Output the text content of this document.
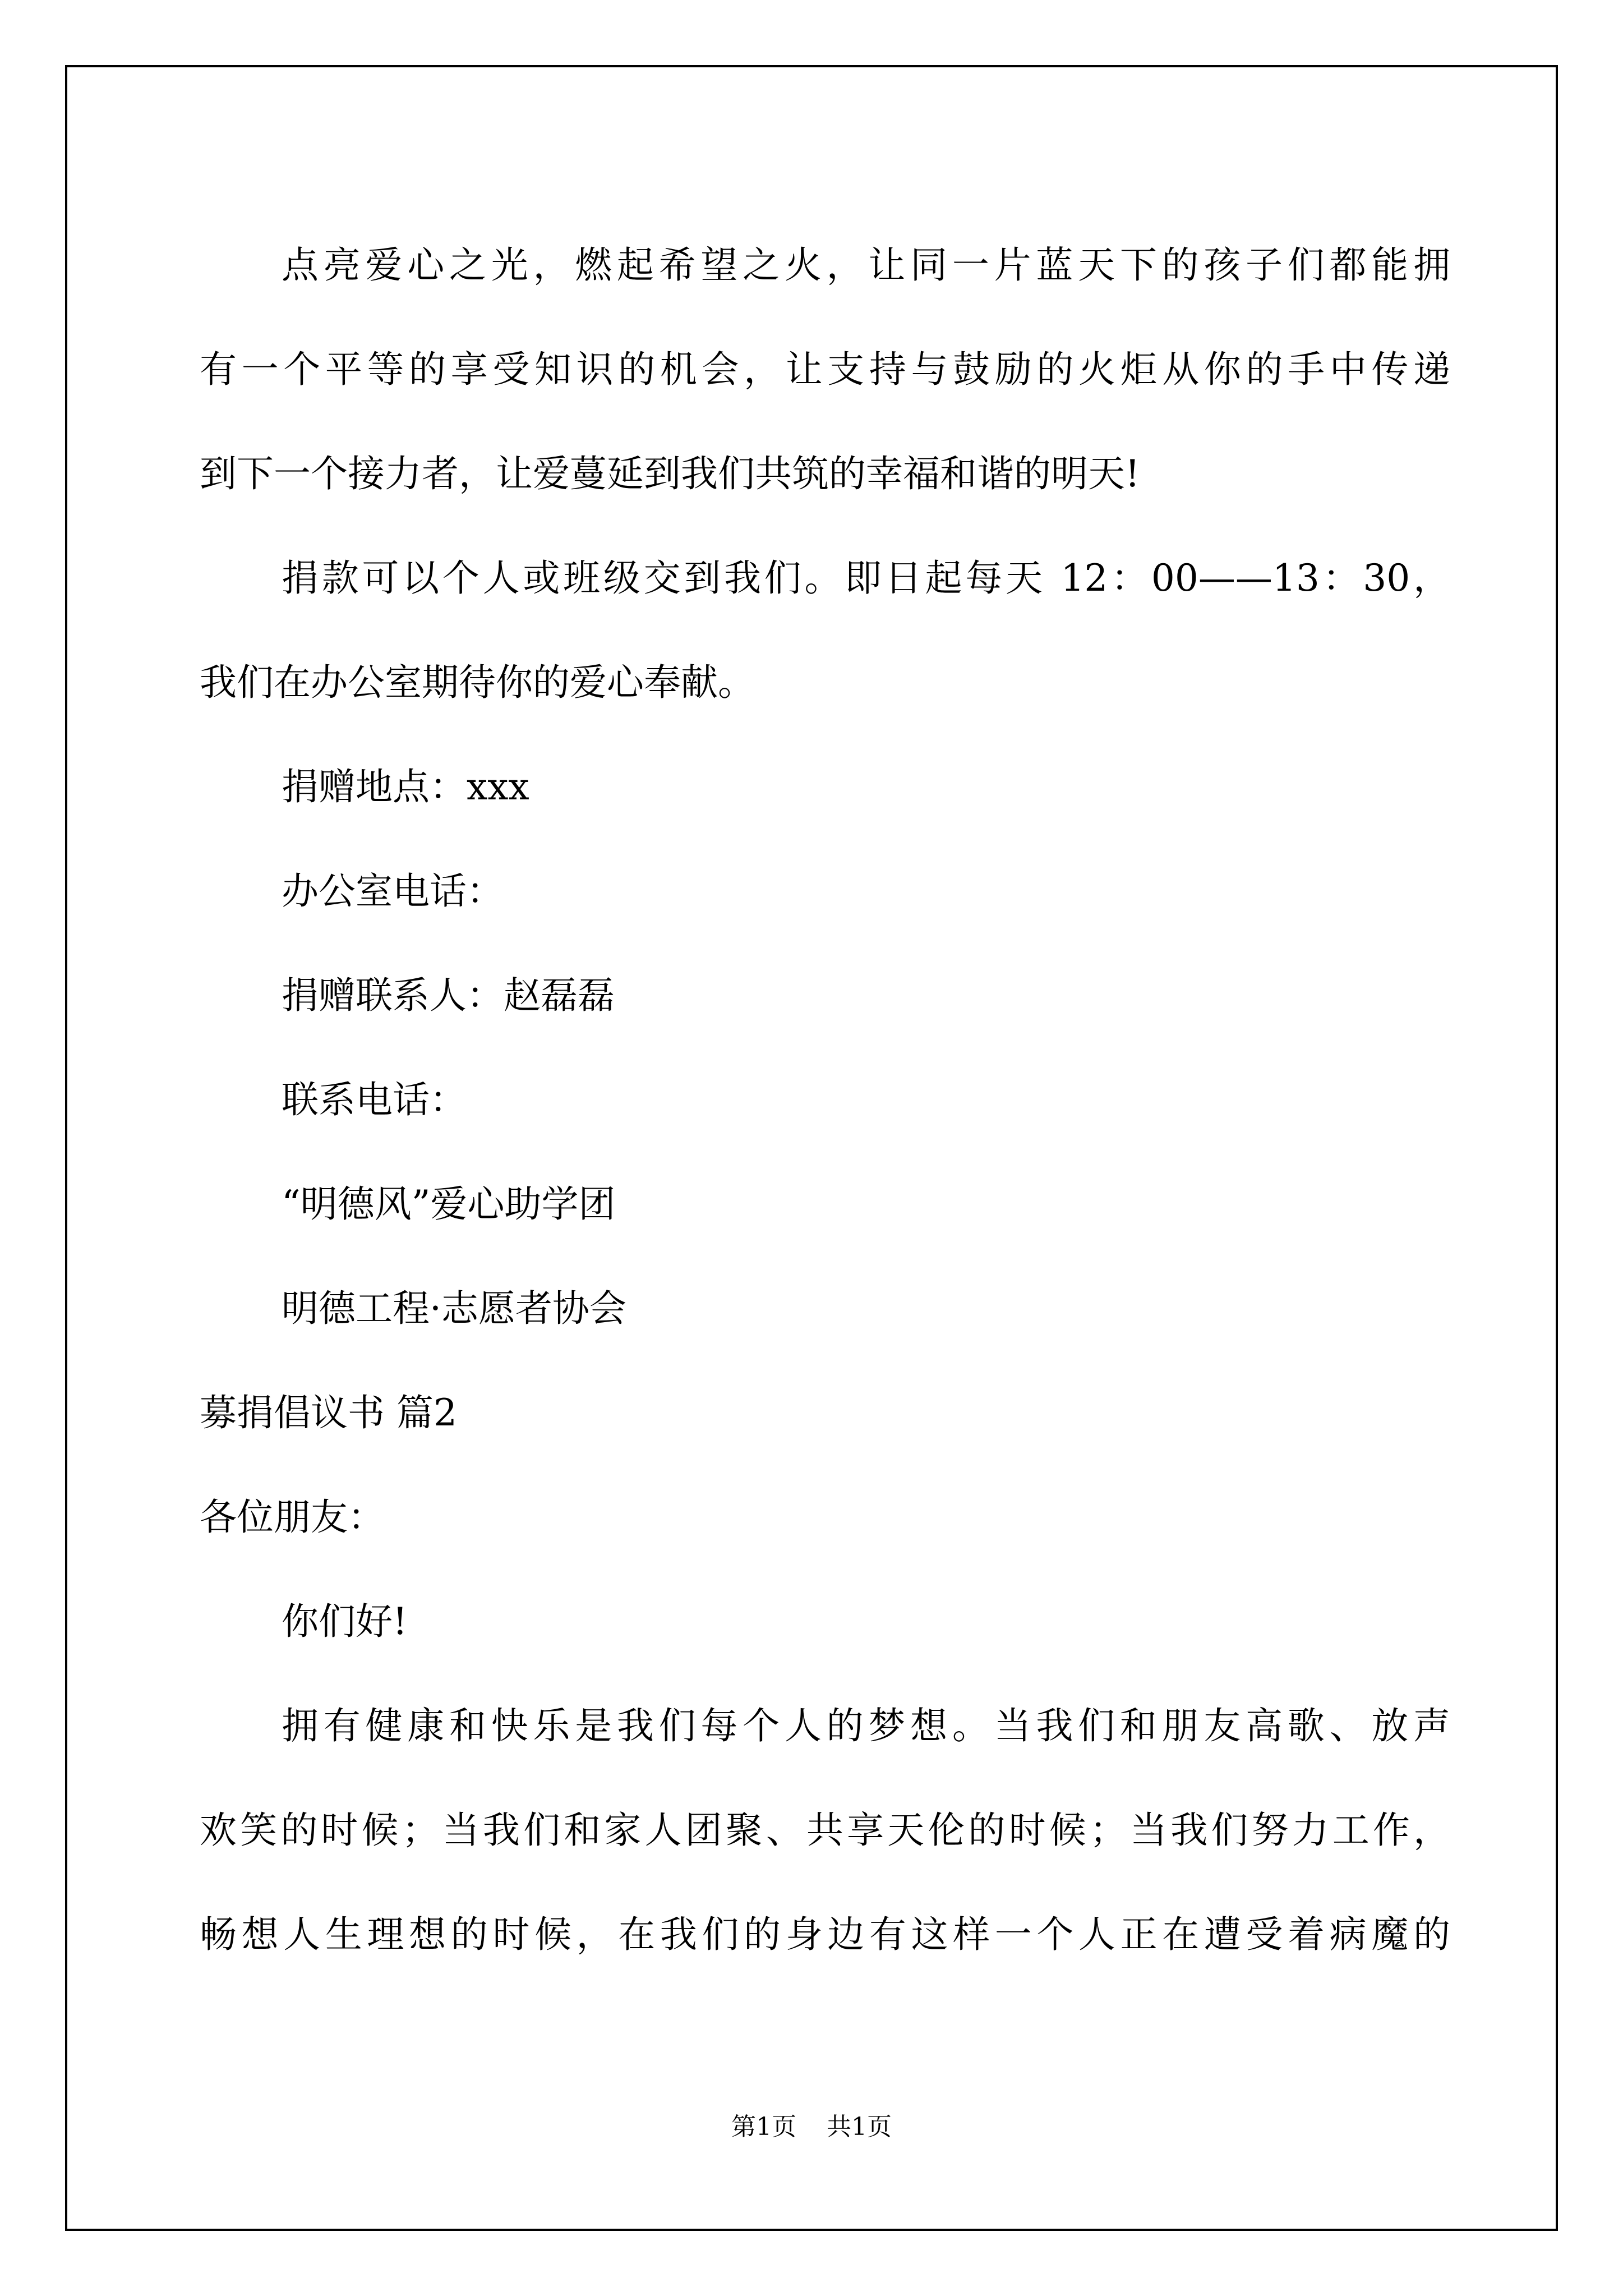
点亮爱心之光，燃起希望之火，让同一片蓝天下的孩子们都能拥

有一个平等的享受知识的机会，让支持与鼓励的火炬从你的手中传递

到下一个接力者，让爱蔓延到我们共筑的幸福和谐的明天!

捐款可以个人或班级交到我们。即日起每天 12：00——13：30，

我们在办公室期待你的爱心奉献。

捐赠地点：xxx

办公室电话：

捐赠联系人：赵磊磊

联系电话：

“明德风”爱心助学团

明德工程·志愿者协会

募捐倡议书 篇2

各位朋友：

你们好!

拥有健康和快乐是我们每个人的梦想。当我们和朋友高歌、放声

欢笑的时候；当我们和家人团聚、共享天伦的时候；当我们努力工作，

畅想人生理想的时候，在我们的身边有这样一个人正在遭受着病魔的

第1页 共1页
